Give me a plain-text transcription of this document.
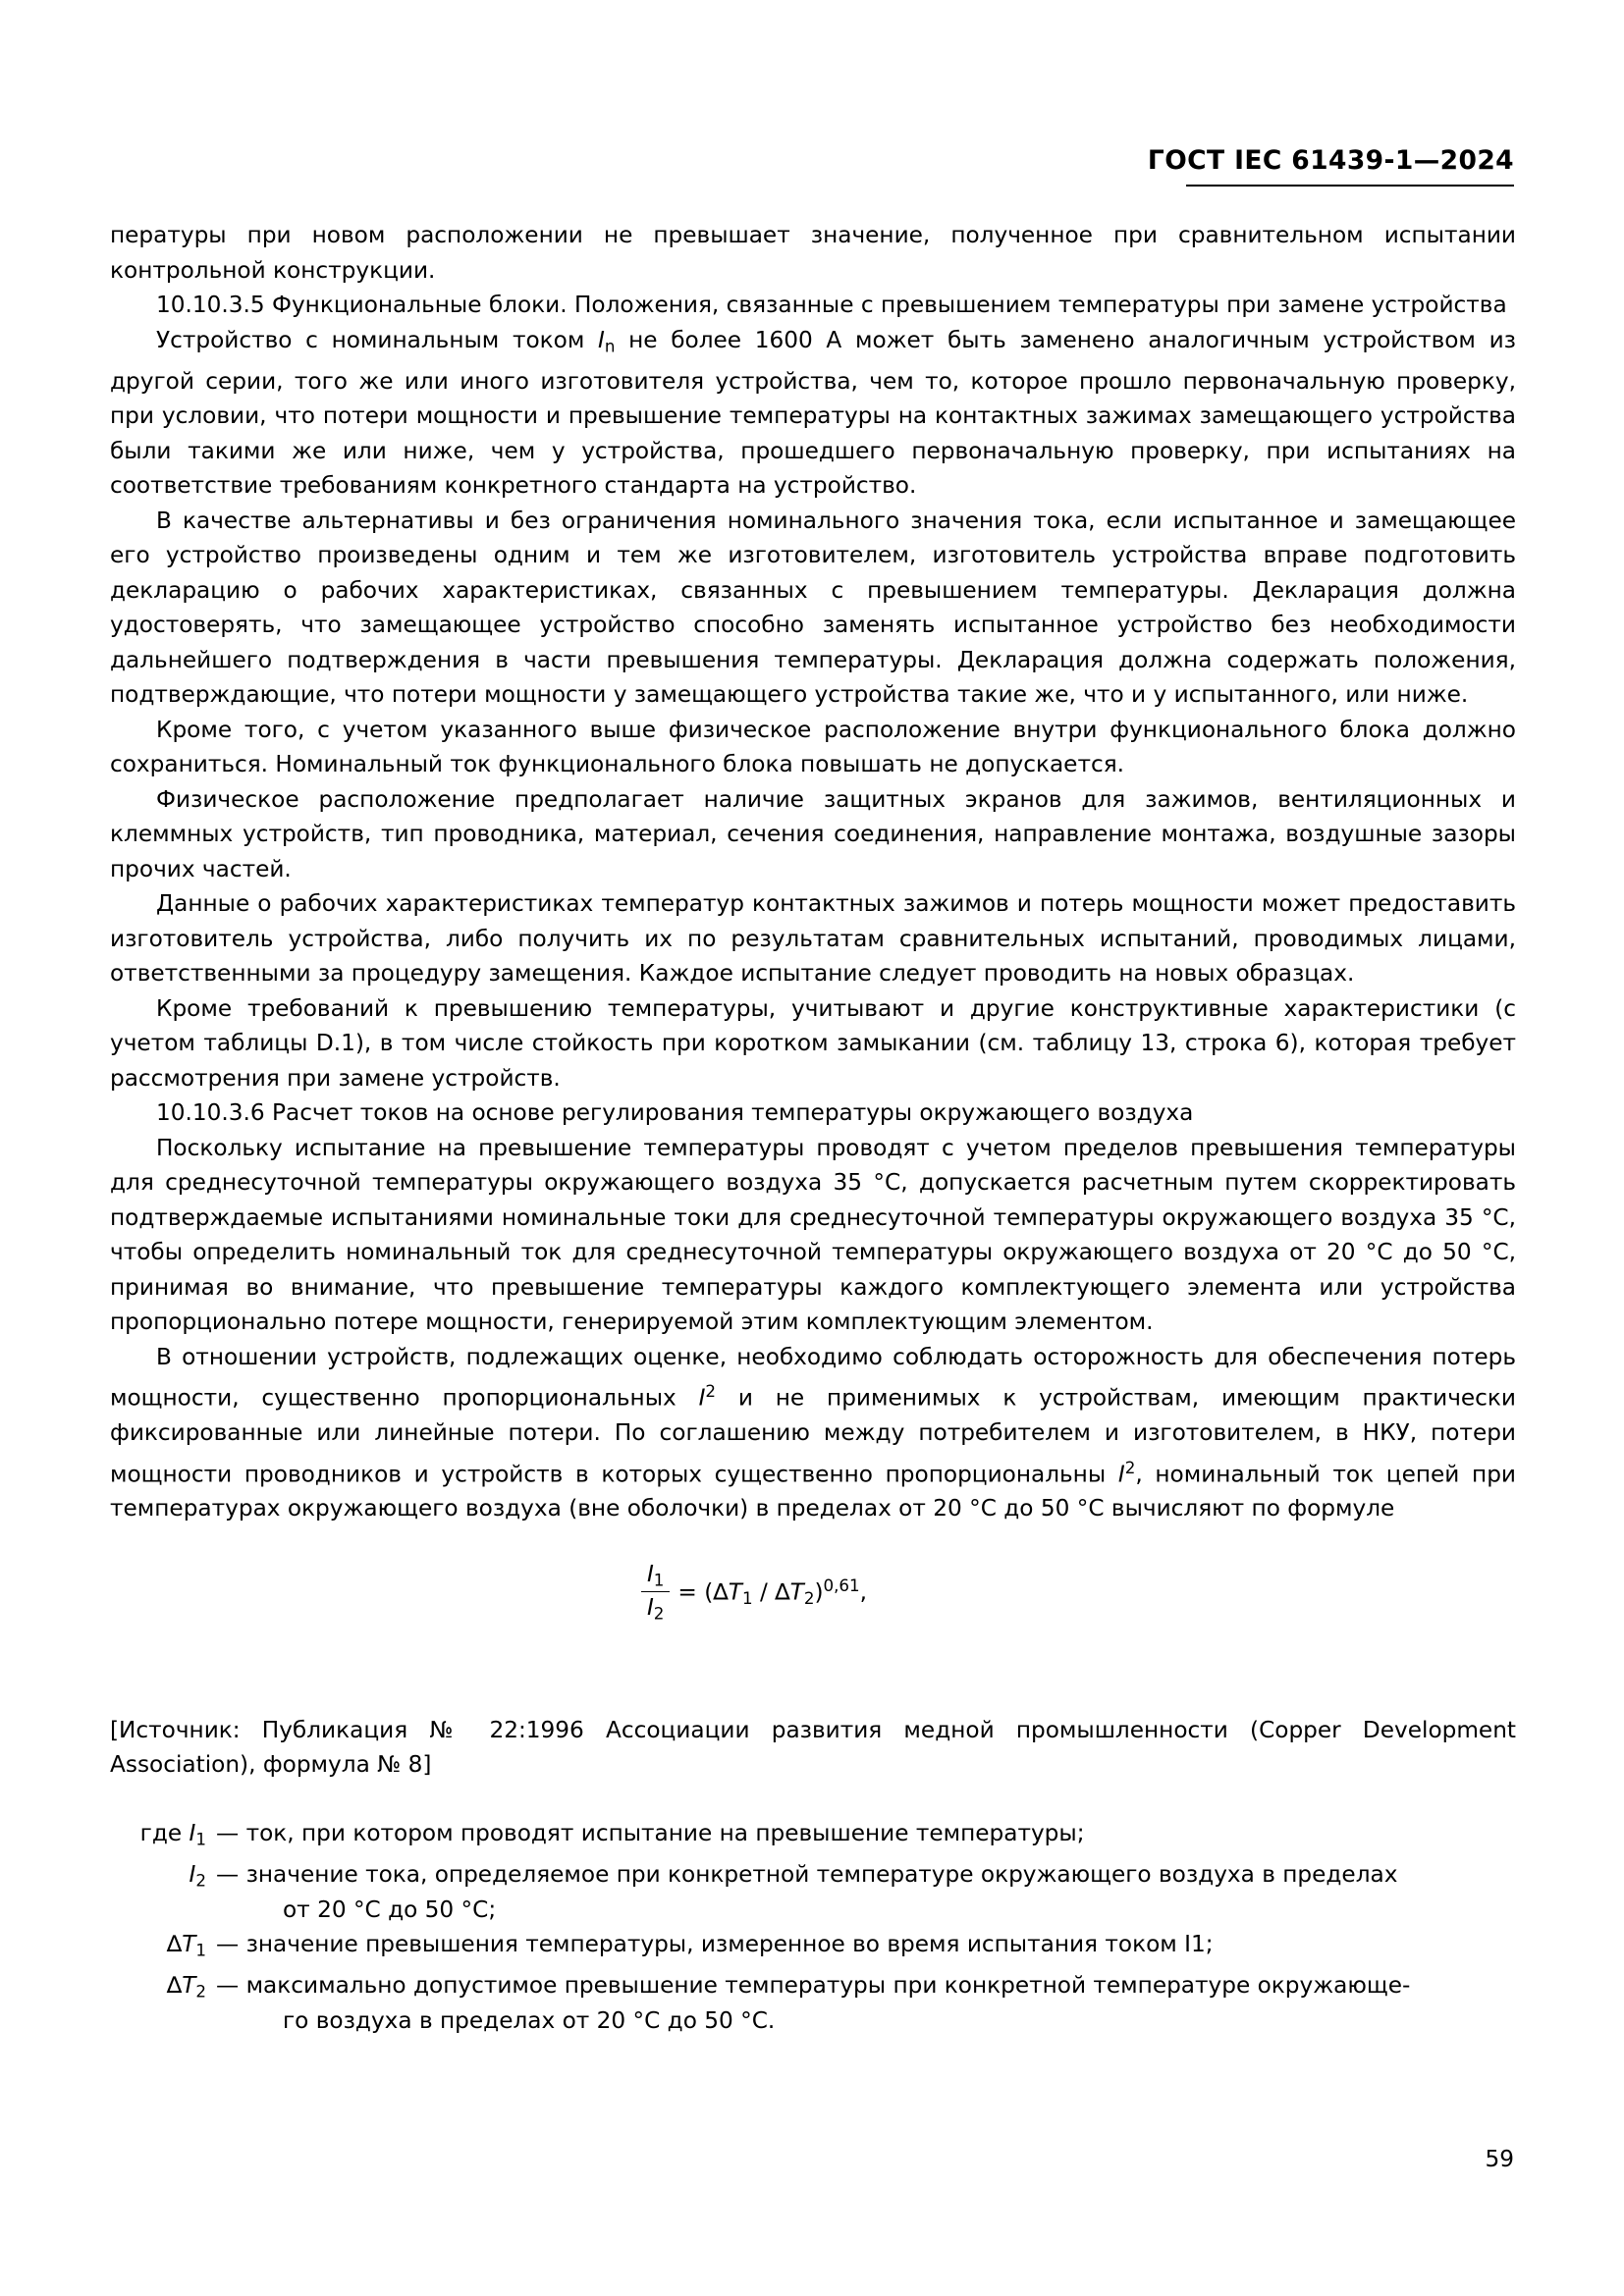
ГОСТ IEC 61439-1—2024

пературы при новом расположении не превышает значение, полученное при сравнительном испытании контрольной конструкции.

10.10.3.5 Функциональные блоки. Положения, связанные с превышением температуры при замене устройства

Устройство с номинальным током $I_n$ не более 1600 A может быть заменено аналогичным устройством из другой серии, того же или иного изготовителя устройства, чем то, которое прошло первоначальную проверку, при условии, что потери мощности и превышение температуры на контактных зажимах замещающего устройства были такими же или ниже, чем у устройства, прошедшего первоначальную проверку, при испытаниях на соответствие требованиям конкретного стандарта на устройство.

В качестве альтернативы и без ограничения номинального значения тока, если испытанное и замещающее его устройство произведены одним и тем же изготовителем, изготовитель устройства вправе подготовить декларацию о рабочих характеристиках, связанных с превышением температуры. Декларация должна удостоверять, что замещающее устройство способно заменять испытанное устройство без необходимости дальнейшего подтверждения в части превышения температуры. Декларация должна содержать положения, подтверждающие, что потери мощности у замещающего устройства такие же, что и у испытанного, или ниже.

Кроме того, с учетом указанного выше физическое расположение внутри функционального блока должно сохраниться. Номинальный ток функционального блока повышать не допускается.

Физическое расположение предполагает наличие защитных экранов для зажимов, вентиляционных и клеммных устройств, тип проводника, материал, сечения соединения, направление монтажа, воздушные зазоры прочих частей.

Данные о рабочих характеристиках температур контактных зажимов и потерь мощности может предоставить изготовитель устройства, либо получить их по результатам сравнительных испытаний, проводимых лицами, ответственными за процедуру замещения. Каждое испытание следует проводить на новых образцах.

Кроме требований к превышению температуры, учитывают и другие конструктивные характеристики (с учетом таблицы D.1), в том числе стойкость при коротком замыкании (см. таблицу 13, строка 6), которая требует рассмотрения при замене устройств.

10.10.3.6 Расчет токов на основе регулирования температуры окружающего воздуха

Поскольку испытание на превышение температуры проводят с учетом пределов превышения температуры для среднесуточной температуры окружающего воздуха 35 °C, допускается расчетным путем скорректировать подтверждаемые испытаниями номинальные токи для среднесуточной температуры окружающего воздуха 35 °C, чтобы определить номинальный ток для среднесуточной температуры окружающего воздуха от 20 °C до 50 °C, принимая во внимание, что превышение температуры каждого комплектующего элемента или устройства пропорционально потере мощности, генерируемой этим комплектующим элементом.

В отношении устройств, подлежащих оценке, необходимо соблюдать осторожность для обеспечения потерь мощности, существенно пропорциональных $I^2$ и не применимых к устройствам, имеющим практически фиксированные или линейные потери. По соглашению между потребителем и изготовителем, в НКУ, потери мощности проводников и устройств в которых существенно пропорциональны $I^2$, номинальный ток цепей при температурах окружающего воздуха (вне оболочки) в пределах от 20 °C до 50 °C вычисляют по формуле

$\frac{I_1}{I_2} = (\Delta T_1 / \Delta T_2)^{0,61}$,

[Источник: Публикация № 22:1996 Ассоциации развития медной промышленности (Copper Development Association), формула № 8]

где $I_1$ — ток, при котором проводят испытание на превышение температуры;
$I_2$ — значение тока, определяемое при конкретной температуре окружающего воздуха в пределах
от 20 °C до 50 °C;
$\Delta T_1$ — значение превышения температуры, измеренное во время испытания током I1;
$\Delta T_2$ — максимально допустимое превышение температуры при конкретной температуре окружающе-
го воздуха в пределах от 20 °C до 50 °C.
59
